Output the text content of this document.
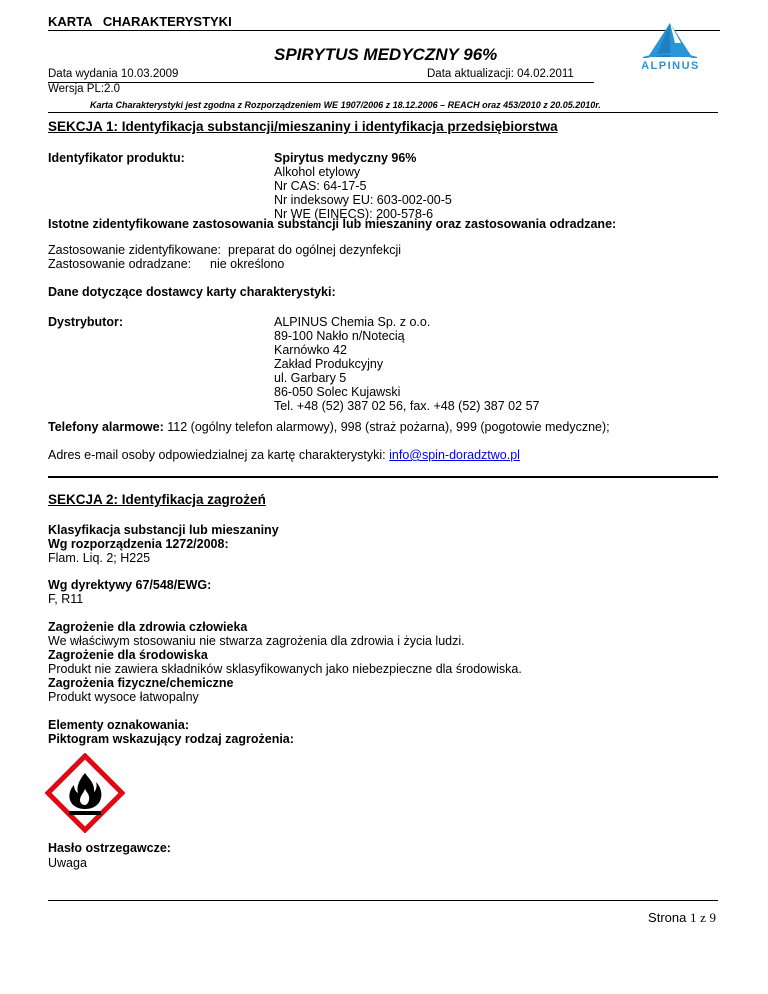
KARTA   CHARAKTERYSTYKI
SPIRYTUS MEDYCZNY 96%
ALPINUS
Data wydania 10.03.2009	Data aktualizacji: 04.02.2011
Wersja PL:2.0
Karta Charakterystyki jest zgodna z Rozporządzeniem WE 1907/2006 z 18.12.2006 – REACH oraz 453/2010 z 20.05.2010r.
SEKCJA 1: Identyfikacja substancji/mieszaniny i identyfikacja przedsiębiorstwa
Identyfikator produktu:	Spirytus medyczny 96%
Alkohol etylowy
Nr CAS: 64-17-5
Nr indeksowy EU: 603-002-00-5
Nr WE (EINECS): 200-578-6
Istotne zidentyfikowane zastosowania substancji lub mieszaniny oraz zastosowania odradzane:
Zastosowanie zidentyfikowane: preparat do ogólnej dezynfekcji
Zastosowanie odradzane: nie określono
Dane dotyczące dostawcy karty charakterystyki:
Dystrybutor:	ALPINUS Chemia Sp. z o.o.
89-100 Nakło n/Notecią
Karnówko 42
Zakład Produkcyjny
ul. Garbary 5
86-050 Solec Kujawski
Tel. +48 (52) 387 02 56, fax. +48 (52) 387 02 57
Telefony alarmowe: 112 (ogólny telefon alarmowy), 998 (straż pożarna), 999 (pogotowie medyczne);
Adres e-mail osoby odpowiedzialnej za kartę charakterystyki: info@spin-doradztwo.pl
SEKCJA 2: Identyfikacja zagrożeń
Klasyfikacja substancji lub mieszaniny
Wg rozporządzenia 1272/2008:
Flam. Liq. 2; H225
Wg dyrektywy 67/548/EWG:
F, R11
Zagrożenie dla zdrowia człowieka
We właściwym stosowaniu nie stwarza zagrożenia dla zdrowia i życia ludzi.
Zagrożenie dla środowiska
Produkt nie zawiera składników sklasyfikowanych jako niebezpieczne dla środowiska.
Zagrożenia fizyczne/chemiczne
Produkt wysoce łatwopalny
Elementy oznakowania:
Piktogram wskazujący rodzaj zagrożenia:
Hasło ostrzegawcze:
Uwaga
Strona 1 z 9
